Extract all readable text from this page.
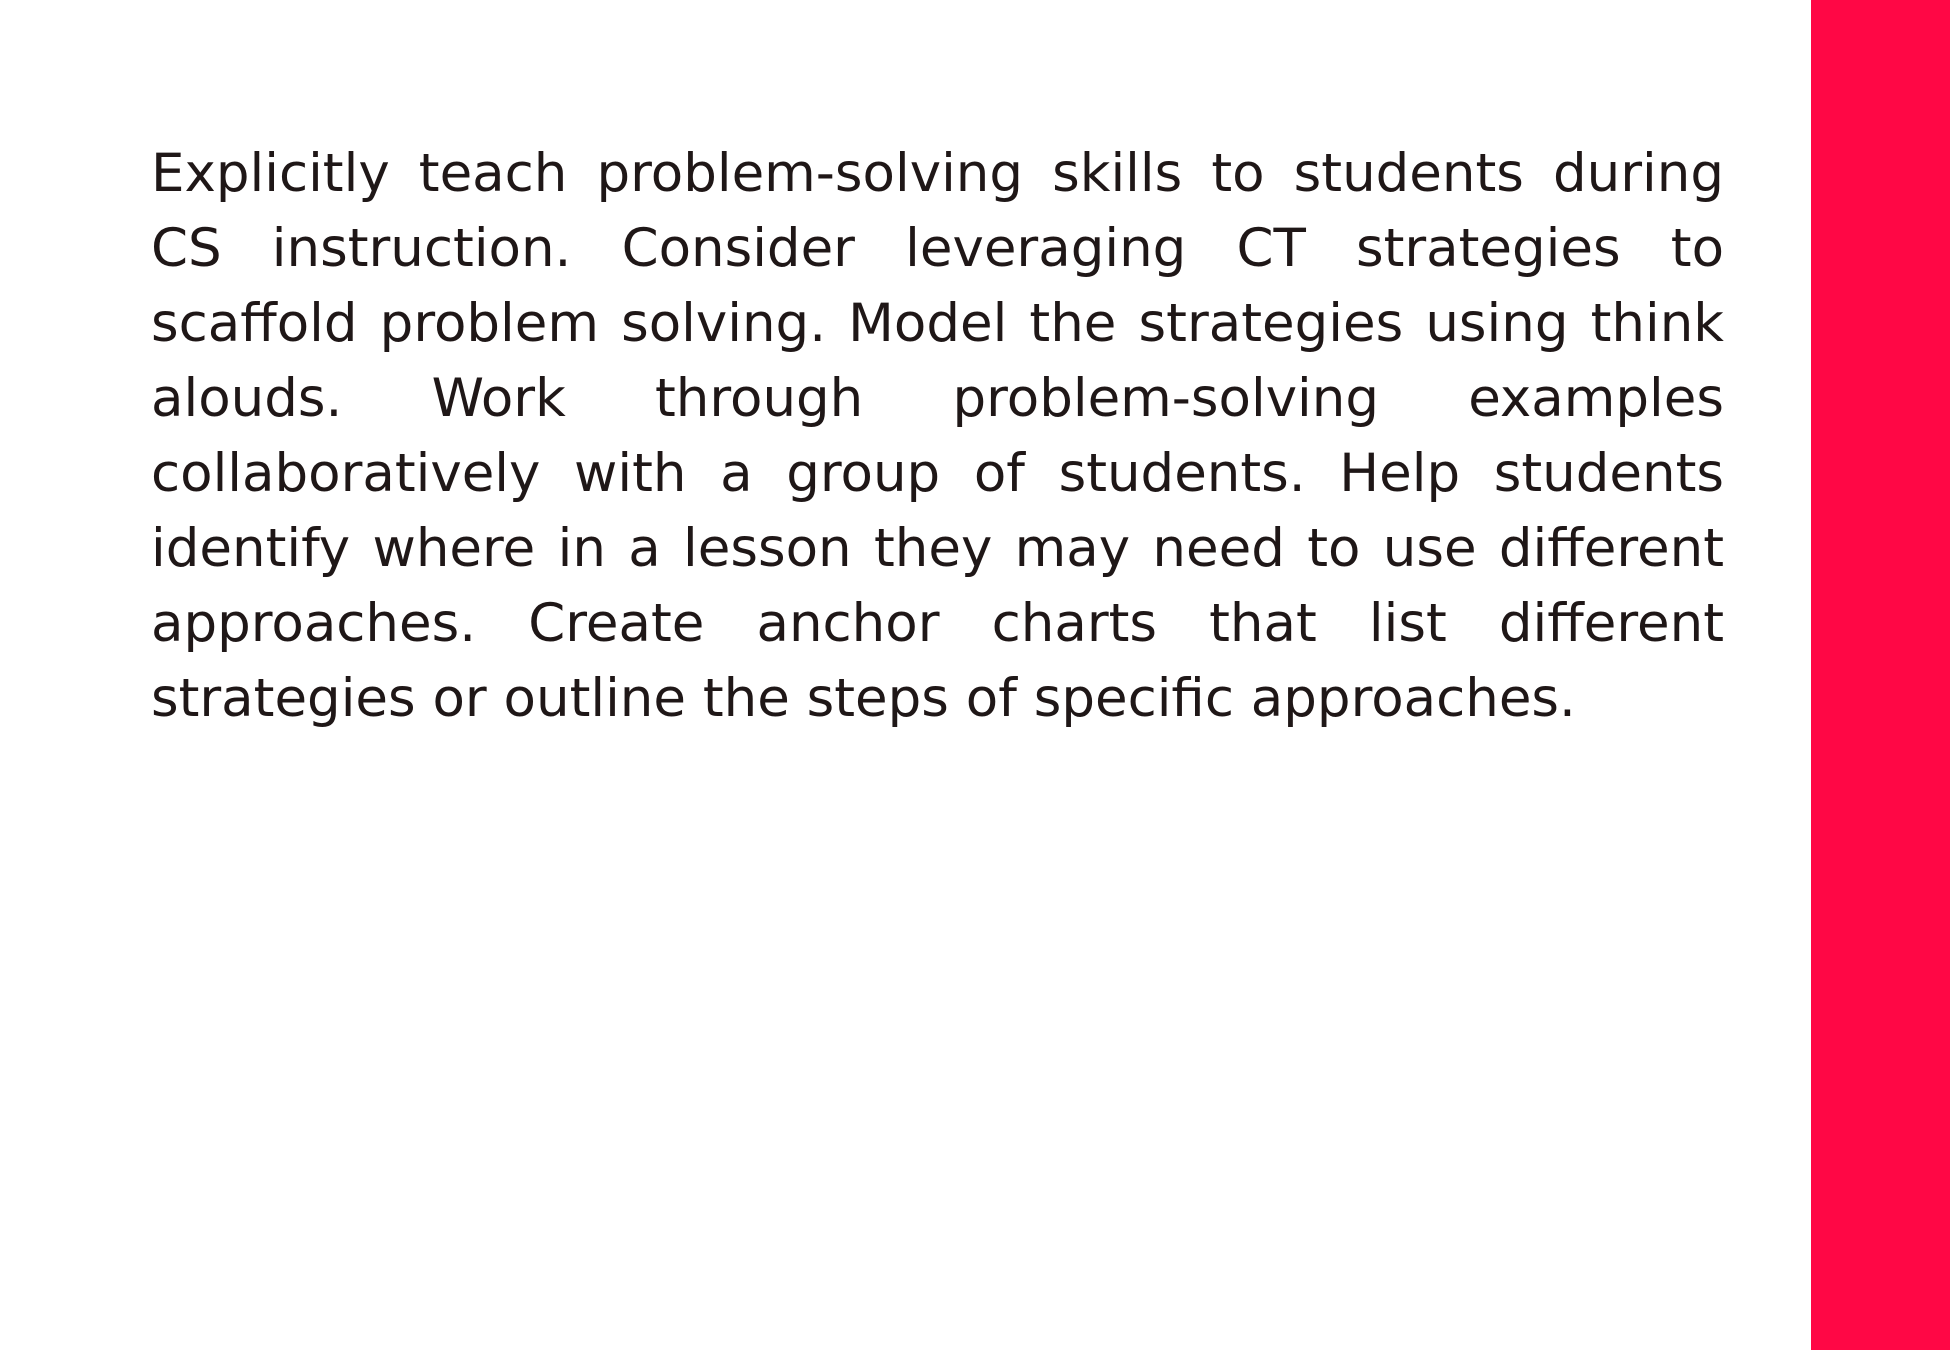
Explicitly teach problem-solving skills to students during CS instruction. Consider leveraging CT strategies to scaffold problem solving. Model the strategies using think alouds. Work through problem-solving examples collaboratively with a group of students. Help students identify where in a lesson they may need to use different approaches. Create anchor charts that list different strategies or outline the steps of specific approaches.
